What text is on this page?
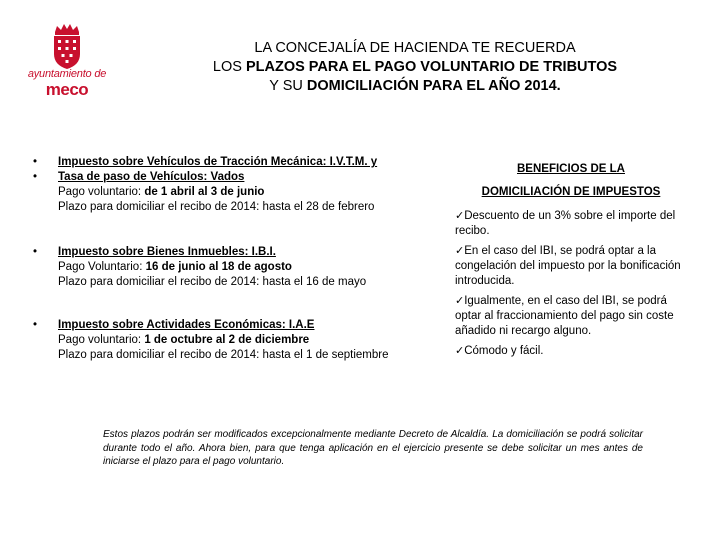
ayuntamiento de
meco
LA CONCEJALÍA DE HACIENDA TE RECUERDA
LOS PLAZOS PARA EL PAGO VOLUNTARIO DE TRIBUTOS
Y SU DOMICILIACIÓN PARA EL AÑO 2014.
• Impuesto sobre Vehículos de Tracción Mecánica: I.V.T.M. y
• Tasa de paso de Vehículos: Vados
Pago voluntario: de 1 abril al 3 de junio
Plazo para domiciliar el recibo de 2014: hasta el 28 de febrero
• Impuesto sobre Bienes Inmuebles: I.B.I.
Pago Voluntario: 16 de junio al 18 de agosto
Plazo para domiciliar el recibo de 2014: hasta el 16 de mayo
• Impuesto sobre Actividades Económicas: I.A.E
Pago voluntario: 1 de octubre al 2 de diciembre
Plazo para domiciliar el recibo de 2014: hasta el 1 de septiembre
BENEFICIOS DE LA
DOMICILIACIÓN DE IMPUESTOS
✓Descuento de un 3% sobre el importe del recibo.
✓En el caso del IBI, se podrá optar a la congelación del impuesto por la bonificación introducida.
✓Igualmente, en el caso del IBI, se podrá optar al fraccionamiento del pago sin coste añadido ni recargo alguno.
✓Cómodo y fácil.
Estos plazos podrán ser modificados excepcionalmente mediante Decreto de Alcaldía. La domiciliación se podrá solicitar durante todo el año. Ahora bien, para que tenga aplicación en el ejercicio presente se debe solicitar un mes antes de iniciarse el plazo para el pago voluntario.
